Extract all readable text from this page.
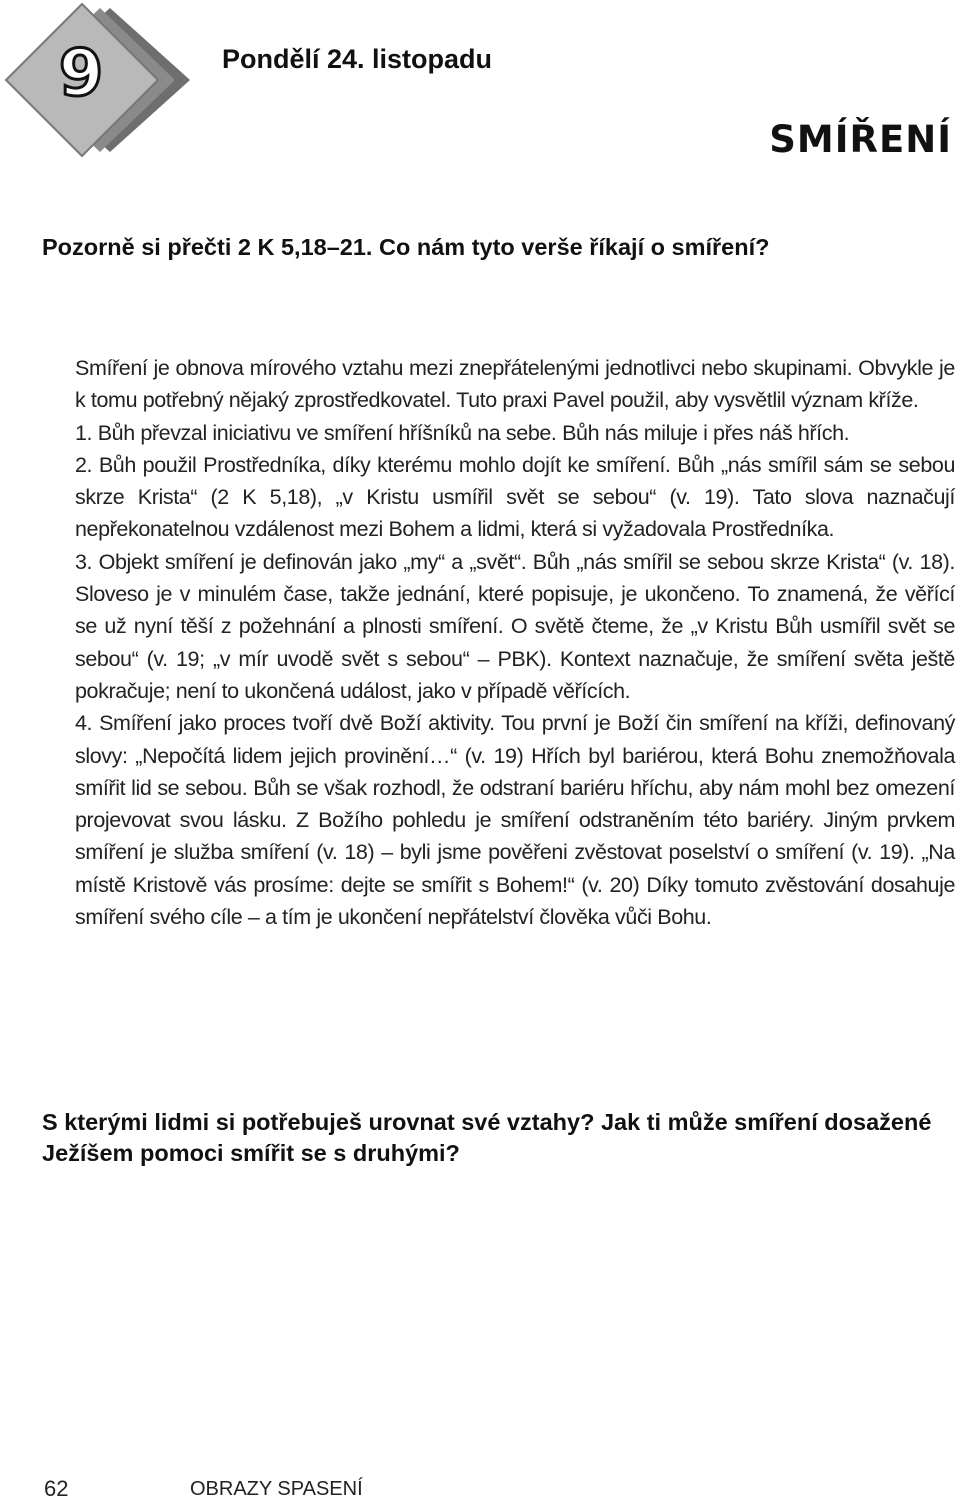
9	Pondělí 24. listopadu
SMÍŘENÍ
Pozorně si přečti 2 K 5,18–21. Co nám tyto verše říkají o smíření?

Smíření je obnova mírového vztahu mezi znepřátelenými jednotlivci nebo skupinami. Obvykle je k tomu potřebný nějaký zprostředkovatel. Tuto praxi Pavel použil, aby vysvětlil význam kříže.

1. Bůh převzal iniciativu ve smíření hříšníků na sebe. Bůh nás miluje i přes náš hřích.

2. Bůh použil Prostředníka, díky kterému mohlo dojít ke smíření. Bůh „nás smířil sám se sebou skrze Krista“ (2 K 5,18), „v Kristu usmířil svět se sebou“ (v. 19). Tato slova naznačují nepřekonatelnou vzdálenost mezi Bohem a lidmi, která si vyžadovala Prostředníka.

3. Objekt smíření je definován jako „my“ a „svět“. Bůh „nás smířil se sebou skrze Krista“ (v. 18). Sloveso je v minulém čase, takže jednání, které popisuje, je ukončeno. To znamená, že věřící se už nyní těší z požehnání a plnosti smíření. O světě čteme, že „v Kristu Bůh usmířil svět se sebou“ (v. 19; „v mír uvodě svět s sebou“ – PBK). Kontext naznačuje, že smíření světa ještě pokračuje; není to ukončená událost, jako v případě věřících.

4. Smíření jako proces tvoří dvě Boží aktivity. Tou první je Boží čin smíření na kříži, definovaný slovy: „Nepočítá lidem jejich provinění…“ (v. 19) Hřích byl bariérou, která Bohu znemožňovala smířit lid se sebou. Bůh se však rozhodl, že odstraní bariéru hříchu, aby nám mohl bez omezení projevovat svou lásku. Z Božího pohledu je smíření odstraněním této bariéry. Jiným prvkem smíření je služba smíření (v. 18) – byli jsme pověřeni zvěstovat poselství o smíření (v. 19). „Na místě Kristově vás prosíme: dejte se smířit s Bohem!“ (v. 20) Díky tomuto zvěstování dosahuje smíření svého cíle – a tím je ukončení nepřátelství člověka vůči Bohu.

S kterými lidmi si potřebuješ urovnat své vztahy? Jak ti může smíření dosažené Ježíšem pomoci smířit se s druhými?
62	OBRAZY SPASENÍ
